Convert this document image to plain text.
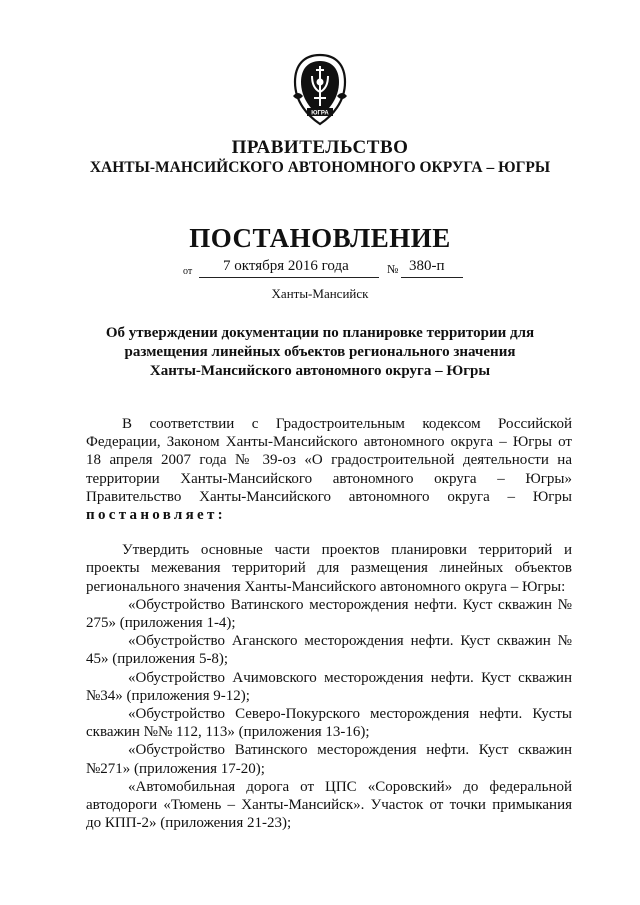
ЮГРА
ПРАВИТЕЛЬСТВО
ХАНТЫ-МАНСИЙСКОГО АВТОНОМНОГО ОКРУГА – ЮГРЫ
ПОСТАНОВЛЕНИЕ
от 7 октября 2016 года	№ 380-п
Ханты-Мансийск
Об утверждении документации по планировке территории для размещения линейных объектов регионального значения Ханты-Мансийского автономного округа – Югры

В соответствии с Градостроительным кодексом Российской Федерации, Законом Ханты-Мансийского автономного округа – Югры от 18 апреля 2007 года № 39-оз «О градостроительной деятельности на территории Ханты-Мансийского автономного округа – Югры» Правительство Ханты-Мансийского автономного округа – Югры постановляет:

Утвердить основные части проектов планировки территорий и проекты межевания территорий для размещения линейных объектов регионального значения Ханты-Мансийского автономного округа – Югры:

«Обустройство Ватинского месторождения нефти. Куст скважин № 275» (приложения 1-4);

«Обустройство Аганского месторождения нефти. Куст скважин № 45» (приложения 5-8);

«Обустройство Ачимовского месторождения нефти. Куст скважин №34» (приложения 9-12);

«Обустройство Северо-Покурского месторождения нефти. Кусты скважин №№ 112, 113» (приложения 13-16);

«Обустройство Ватинского месторождения нефти. Куст скважин №271» (приложения 17-20);

«Автомобильная дорога от ЦПС «Соровский» до федеральной автодороги «Тюмень – Ханты-Мансийск». Участок от точки примыкания до КПП-2» (приложения 21-23);
